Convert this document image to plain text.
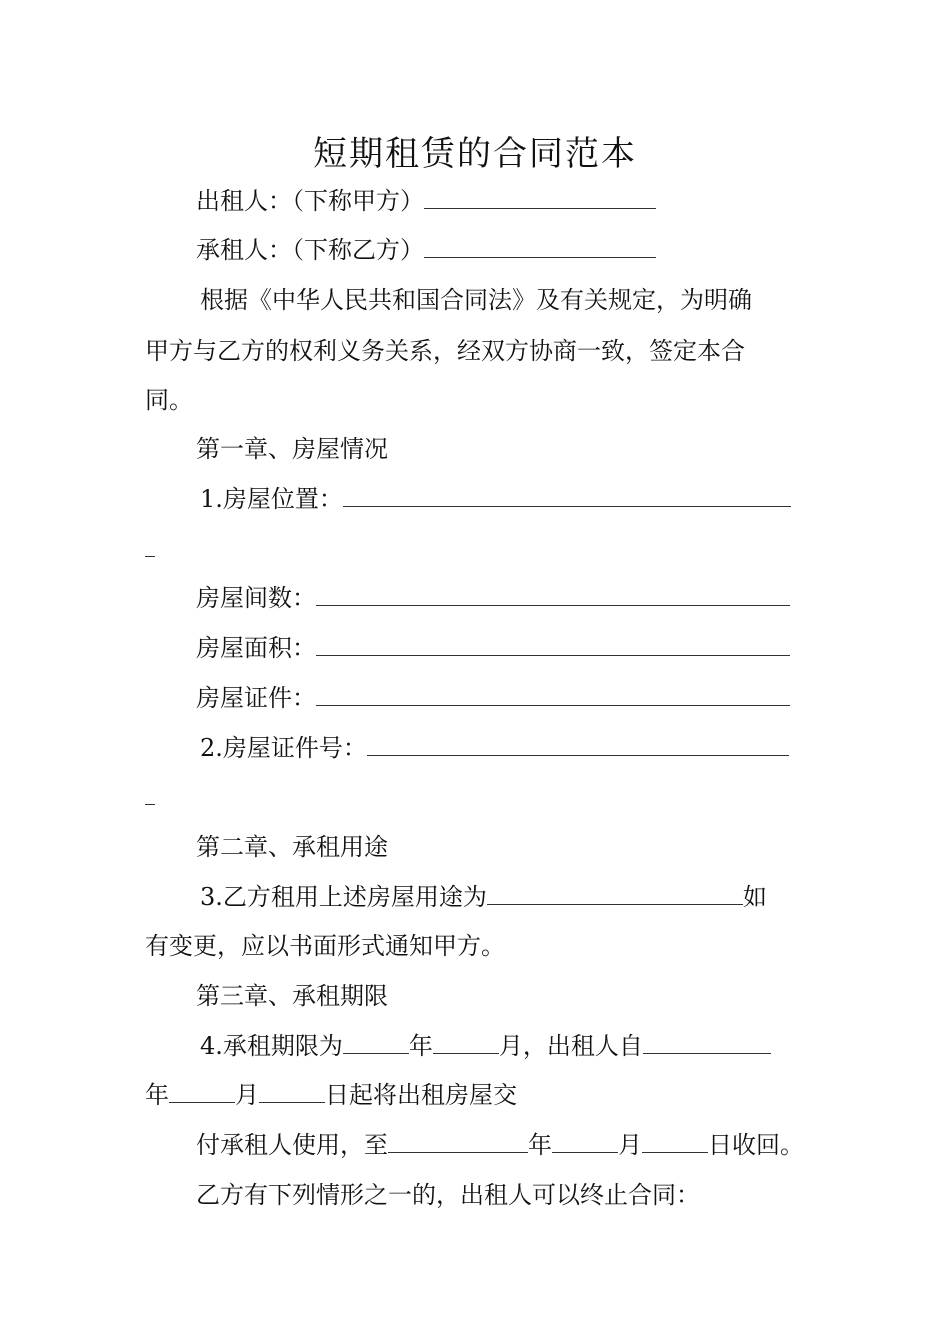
短期租赁的合同范本
出租人：（下称甲方）
承租人：（下称乙方）
根据《中华人民共和国合同法》及有关规定，为明确
甲方与乙方的权利义务关系，经双方协商一致，签定本合
同。
第一章、房屋情况
1.房屋位置：
房屋间数：
房屋面积：
房屋证件：
2.房屋证件号：
第二章、承租用途
3.乙方租用上述房屋用途为	如
有变更，应以书面形式通知甲方。
第三章、承租期限
4.承租期限为	年	月，出租人自
年	月	日起将出租房屋交
付承租人使用，至	年	月	日收回。
乙方有下列情形之一的，出租人可以终止合同：
